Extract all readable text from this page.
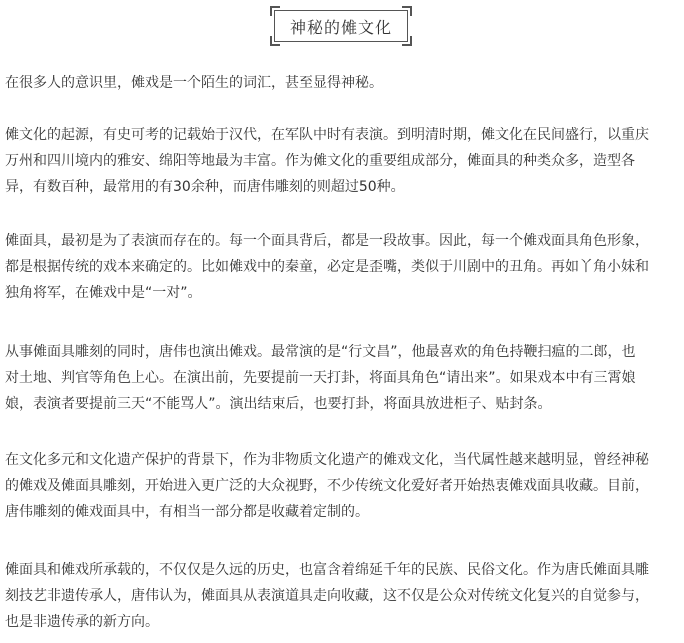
神秘的傩文化

在很多人的意识里，傩戏是一个陌生的词汇，甚至显得神秘。

傩文化的起源，有史可考的记载始于汉代，在军队中时有表演。到明清时期，傩文化在民间盛行，以重庆
万州和四川境内的雅安、绵阳等地最为丰富。作为傩文化的重要组成部分，傩面具的种类众多，造型各
异，有数百种，最常用的有30余种，而唐伟雕刻的则超过50种。

傩面具，最初是为了表演而存在的。每一个面具背后，都是一段故事。因此，每一个傩戏面具角色形象，
都是根据传统的戏本来确定的。比如傩戏中的秦童，必定是歪嘴，类似于川剧中的丑角。再如丫角小妹和
独角将军，在傩戏中是“一对”。

从事傩面具雕刻的同时，唐伟也演出傩戏。最常演的是“行文昌”，他最喜欢的角色持鞭扫瘟的二郎，也
对土地、判官等角色上心。在演出前，先要提前一天打卦，将面具角色“请出来”。如果戏本中有三霄娘
娘，表演者要提前三天“不能骂人”。演出结束后，也要打卦，将面具放进柜子、贴封条。

在文化多元和文化遗产保护的背景下，作为非物质文化遗产的傩戏文化，当代属性越来越明显，曾经神秘
的傩戏及傩面具雕刻，开始进入更广泛的大众视野，不少传统文化爱好者开始热衷傩戏面具收藏。目前，
唐伟雕刻的傩戏面具中，有相当一部分都是收藏着定制的。

傩面具和傩戏所承载的，不仅仅是久远的历史，也富含着绵延千年的民族、民俗文化。作为唐氏傩面具雕
刻技艺非遗传承人，唐伟认为，傩面具从表演道具走向收藏，这不仅是公众对传统文化复兴的自觉参与，
也是非遗传承的新方向。
